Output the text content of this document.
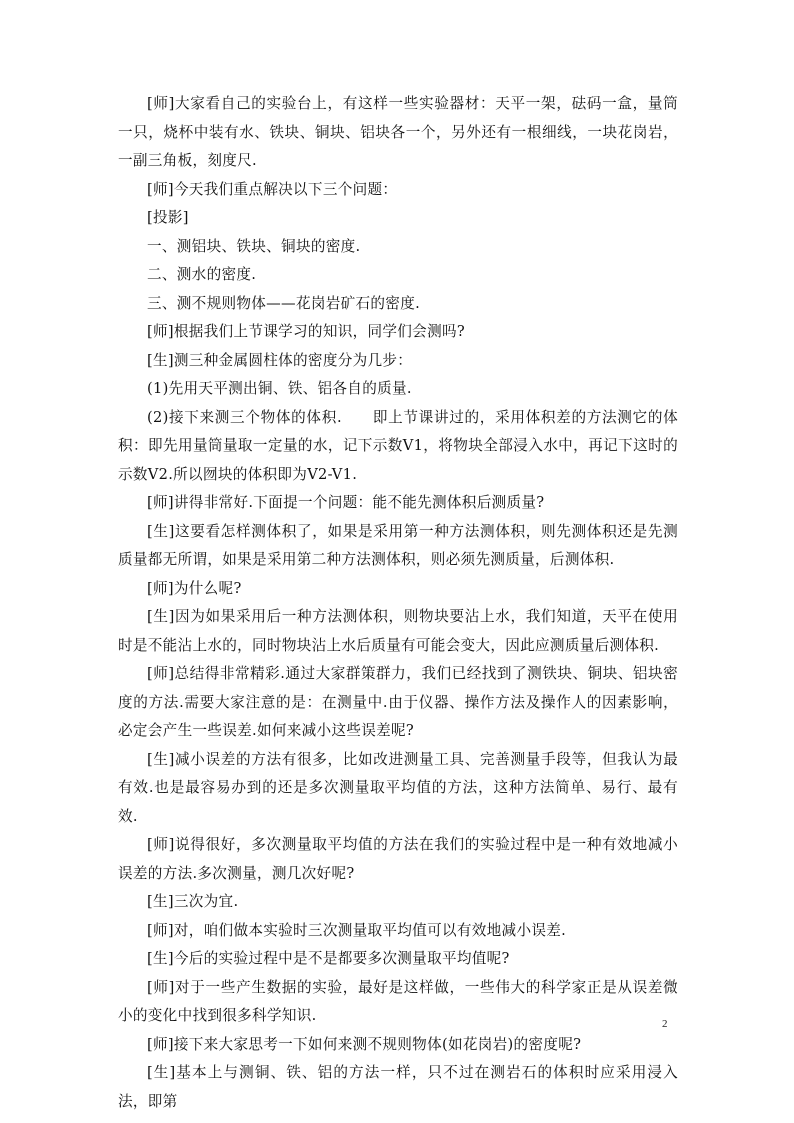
[师]大家看自己的实验台上，有这样一些实验器材：天平一架，砝码一盒，量筒一只，烧杯中装有水、铁块、铜块、铝块各一个，另外还有一根细线，一块花岗岩，一副三角板，刻度尺.

[师]今天我们重点解决以下三个问题：

[投影]

一、测铝块、铁块、铜块的密度.

二、测水的密度.

三、测不规则物体——花岗岩矿石的密度.

[师]根据我们上节课学习的知识，同学们会测吗?

[生]测三种金属圆柱体的密度分为几步：

(1)先用天平测出铜、铁、铝各自的质量.

(2)接下来测三个物体的体积.　　即上节课讲过的，采用体积差的方法测它的体积：即先用量筒量取一定量的水，记下示数V1，将物块全部浸入水中，再记下这时的示数V2.所以囫块的体积即为V2-V1.

[师]讲得非常好.下面提一个问题：能不能先测体积后测质量?

[生]这要看怎样测体积了，如果是采用第一种方法测体积，则先测体积还是先测质量都无所谓，如果是采用第二种方法测体积，则必须先测质量，后测体积.

[师]为什么呢?

[生]因为如果采用后一种方法测体积，则物块要沾上水，我们知道，天平在使用时是不能沾上水的，同时物块沾上水后质量有可能会变大，因此应测质量后测体积.

[师]总结得非常精彩.通过大家群策群力，我们已经找到了测铁块、铜块、铝块密度的方法.需要大家注意的是：在测量中.由于仪器、操作方法及操作人的因素影响，必定会产生一些误差.如何来减小这些误差呢?

[生]减小误差的方法有很多，比如改进测量工具、完善测量手段等，但我认为最有效.也是最容易办到的还是多次测量取平均值的方法，这种方法简单、易行、最有效.

[师]说得很好，多次测量取平均值的方法在我们的实验过程中是一种有效地减小误差的方法.多次测量，测几次好呢?

[生]三次为宜.

[师]对，咱们做本实验时三次测量取平均值可以有效地减小误差.

[生]今后的实验过程中是不是都要多次测量取平均值呢?

[师]对于一些产生数据的实验，最好是这样做，一些伟大的科学家正是从误差微小的变化中找到很多科学知识.

[师]接下来大家思考一下如何来测不规则物体(如花岗岩)的密度呢?

[生]基本上与测铜、铁、铝的方法一样，只不过在测岩石的体积时应采用浸入法，即第

2
